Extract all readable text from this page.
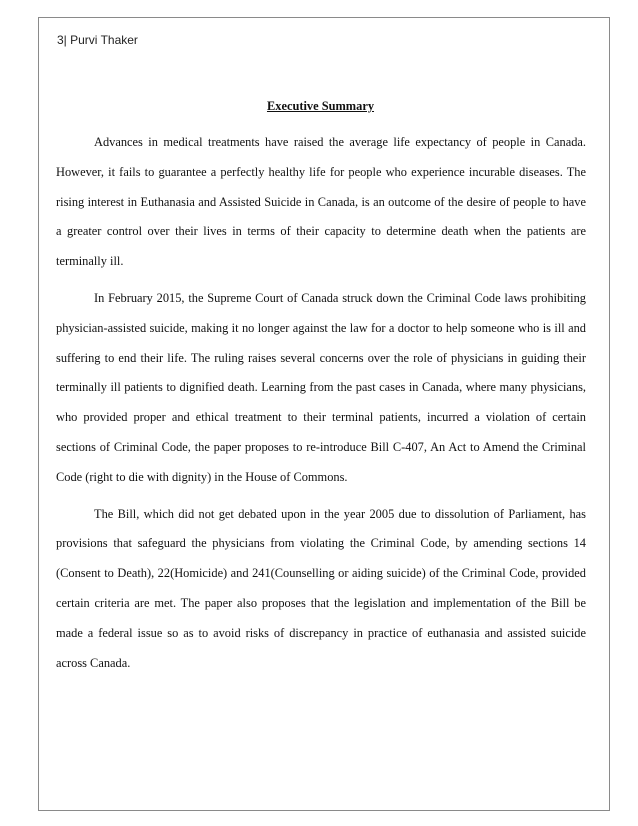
3| Purvi Thaker
Executive Summary

Advances in medical treatments have raised the average life expectancy of people in Canada. However, it fails to guarantee a perfectly healthy life for people who experience incurable diseases. The rising interest in Euthanasia and Assisted Suicide in Canada, is an outcome of the desire of people to have a greater control over their lives in terms of their capacity to determine death when the patients are terminally ill.

In February 2015, the Supreme Court of Canada struck down the Criminal Code laws prohibiting physician-assisted suicide, making it no longer against the law for a doctor to help someone who is ill and suffering to end their life. The ruling raises several concerns over the role of physicians in guiding their terminally ill patients to dignified death. Learning from the past cases in Canada, where many physicians, who provided proper and ethical treatment to their terminal patients, incurred a violation of certain sections of Criminal Code, the paper proposes to re-introduce Bill C-407, An Act to Amend the Criminal Code (right to die with dignity) in the House of Commons.

The Bill, which did not get debated upon in the year 2005 due to dissolution of Parliament, has provisions that safeguard the physicians from violating the Criminal Code, by amending sections 14 (Consent to Death), 22(Homicide) and 241(Counselling or aiding suicide) of the Criminal Code, provided certain criteria are met. The paper also proposes that the legislation and implementation of the Bill be made a federal issue so as to avoid risks of discrepancy in practice of euthanasia and assisted suicide across Canada.
